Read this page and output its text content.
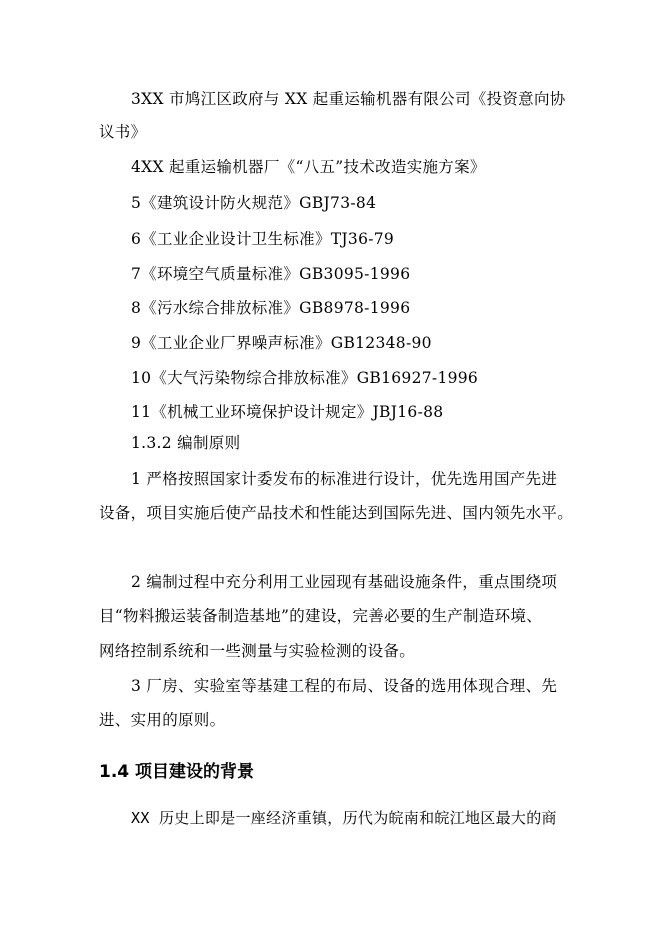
3XX 市鸠江区政府与 XX 起重运输机器有限公司《投资意向协
议书》
4XX 起重运输机器厂《“八五”技术改造实施方案》
5《建筑设计防火规范》GBJ73-84
6《工业企业设计卫生标准》TJ36-79
7《环境空气质量标准》GB3095-1996
8《污水综合排放标准》GB8978-1996
9《工业企业厂界噪声标准》GB12348-90
10《大气污染物综合排放标准》GB16927-1996
11《机械工业环境保护设计规定》JBJ16-88
1.3.2 编制原则
1 严格按照国家计委发布的标准进行设计，优先选用国产先进
设备，项目实施后使产品技术和性能达到国际先进、国内领先水平。
2 编制过程中充分利用工业园现有基础设施条件，重点围绕项
目“物料搬运装备制造基地”的建设，完善必要的生产制造环境、
网络控制系统和一些测量与实验检测的设备。
3 厂房、实验室等基建工程的布局、设备的选用体现合理、先
进、实用的原则。
1.4 项目建设的背景
XX 历史上即是一座经济重镇，历代为皖南和皖江地区最大的商
